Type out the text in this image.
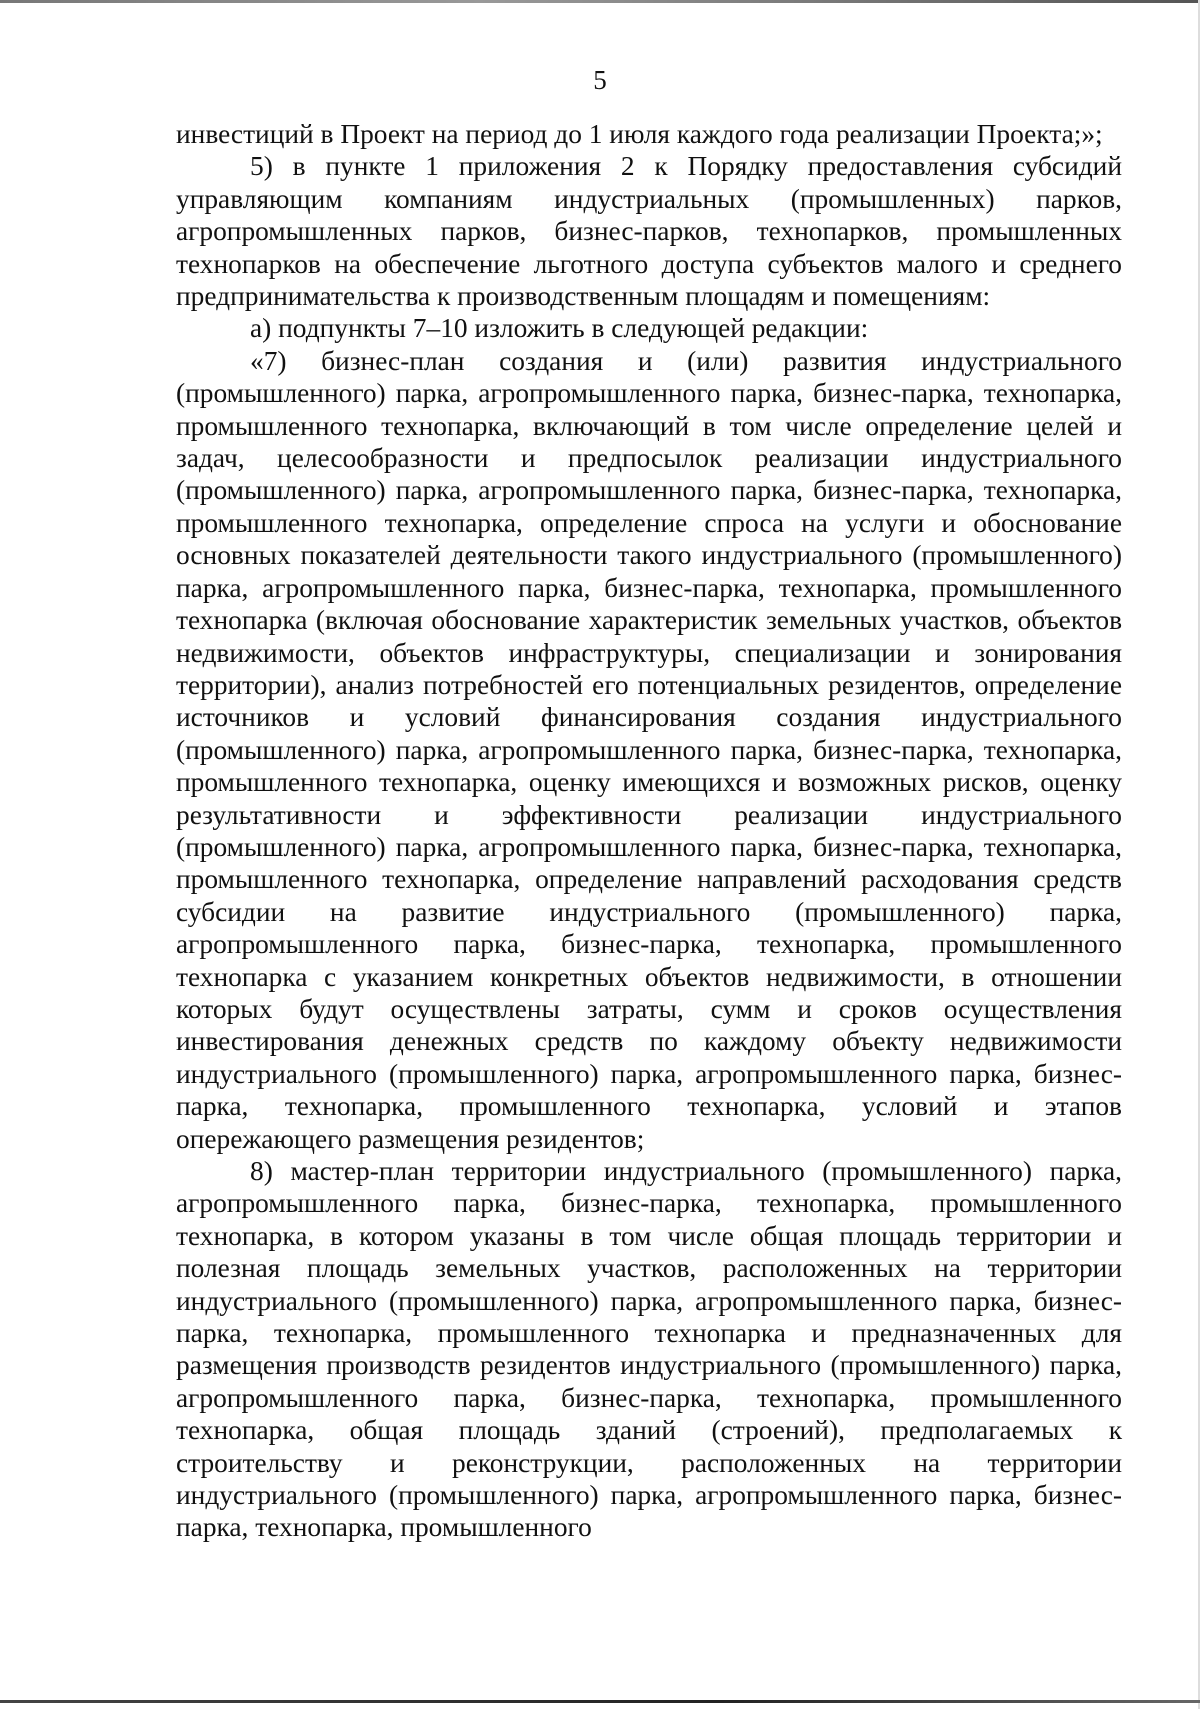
5

инвестиций в Проект на период до 1 июля каждого года реализации Проекта;»;

5) в пункте 1 приложения 2 к Порядку предоставления субсидий управляющим компаниям индустриальных (промышленных) парков, агропромышленных парков, бизнес-парков, технопарков, промышленных технопарков на обеспечение льготного доступа субъектов малого и среднего предпринимательства к производственным площадям и помещениям:

а) подпункты 7–10 изложить в следующей редакции:

«7) бизнес-план создания и (или) развития индустриального (промышленного) парка, агропромышленного парка, бизнес-парка, технопарка, промышленного технопарка, включающий в том числе определение целей и задач, целесообразности и предпосылок реализации индустриального (промышленного) парка, агропромышленного парка, бизнес-парка, технопарка, промышленного технопарка, определение спроса на услуги и обоснование основных показателей деятельности такого индустриального (промышленного) парка, агропромышленного парка, бизнес-парка, технопарка, промышленного технопарка (включая обоснование характеристик земельных участков, объектов недвижимости, объектов инфраструктуры, специализации и зонирования территории), анализ потребностей его потенциальных резидентов, определение источников и условий финансирования создания индустриального (промышленного) парка, агропромышленного парка, бизнес-парка, технопарка, промышленного технопарка, оценку имеющихся и возможных рисков, оценку результативности и эффективности реализации индустриального (промышленного) парка, агропромышленного парка, бизнес-парка, технопарка, промышленного технопарка, определение направлений расходования средств субсидии на развитие индустриального (промышленного) парка, агропромышленного парка, бизнес-парка, технопарка, промышленного технопарка с указанием конкретных объектов недвижимости, в отношении которых будут осуществлены затраты, сумм и сроков осуществления инвестирования денежных средств по каждому объекту недвижимости индустриального (промышленного) парка, агропромышленного парка, бизнес-парка, технопарка, промышленного технопарка, условий и этапов опережающего размещения резидентов;

8) мастер-план территории индустриального (промышленного) парка, агропромышленного парка, бизнес-парка, технопарка, промышленного технопарка, в котором указаны в том числе общая площадь территории и полезная площадь земельных участков, расположенных на территории индустриального (промышленного) парка, агропромышленного парка, бизнес-парка, технопарка, промышленного технопарка и предназначенных для размещения производств резидентов индустриального (промышленного) парка, агропромышленного парка, бизнес-парка, технопарка, промышленного технопарка, общая площадь зданий (строений), предполагаемых к строительству и реконструкции, расположенных на территории индустриального (промышленного) парка, агропромышленного парка, бизнес-парка, технопарка, промышленного
